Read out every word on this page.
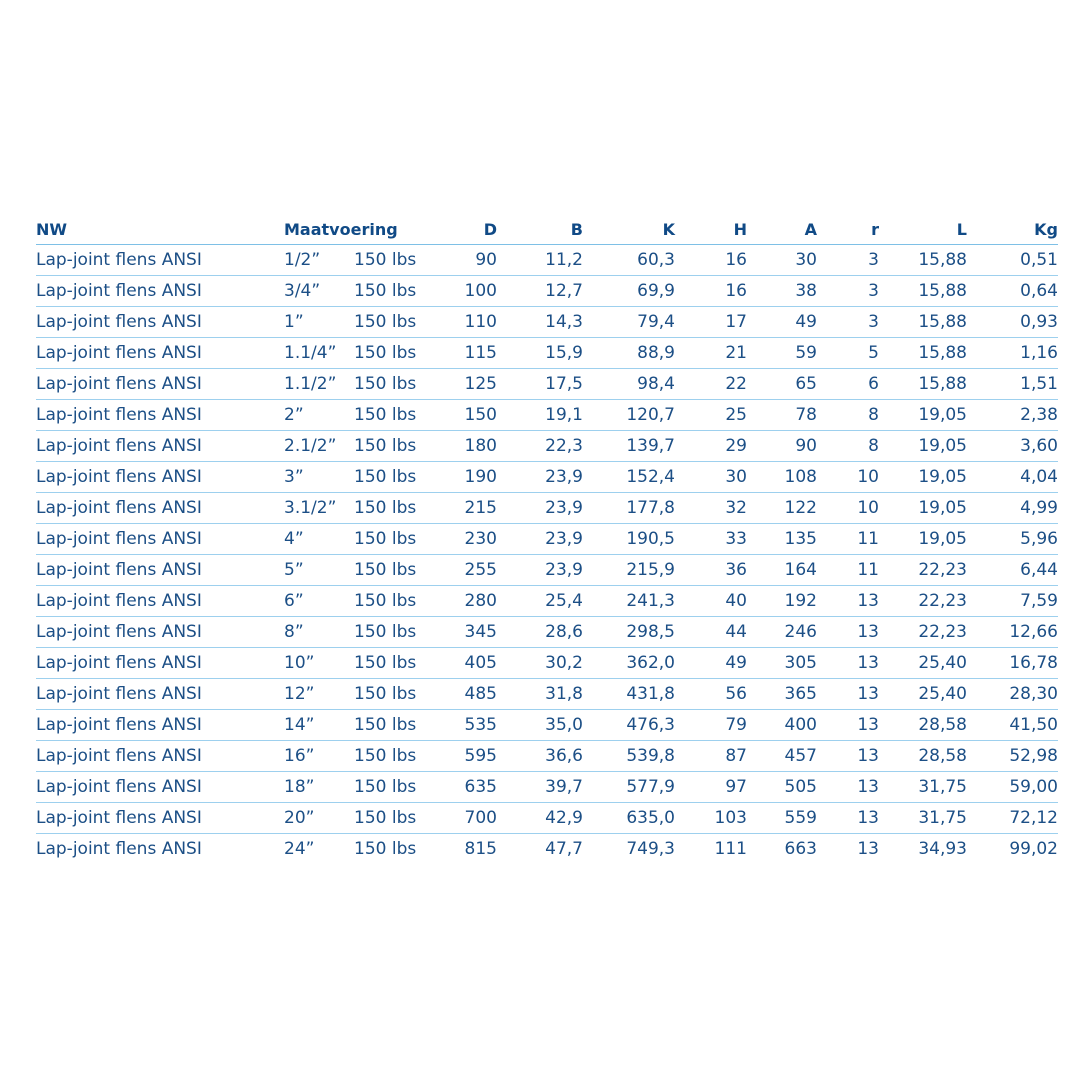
NW	Maatvoering		D	B	K	H	A	r	L	Kg
Lap-joint flens ANSI	1/2”	150 lbs	90	11,2	60,3	16	30	3	15,88	0,51
Lap-joint flens ANSI	3/4”	150 lbs	100	12,7	69,9	16	38	3	15,88	0,64
Lap-joint flens ANSI	1”	150 lbs	110	14,3	79,4	17	49	3	15,88	0,93
Lap-joint flens ANSI	1.1/4”	150 lbs	115	15,9	88,9	21	59	5	15,88	1,16
Lap-joint flens ANSI	1.1/2”	150 lbs	125	17,5	98,4	22	65	6	15,88	1,51
Lap-joint flens ANSI	2”	150 lbs	150	19,1	120,7	25	78	8	19,05	2,38
Lap-joint flens ANSI	2.1/2”	150 lbs	180	22,3	139,7	29	90	8	19,05	3,60
Lap-joint flens ANSI	3”	150 lbs	190	23,9	152,4	30	108	10	19,05	4,04
Lap-joint flens ANSI	3.1/2”	150 lbs	215	23,9	177,8	32	122	10	19,05	4,99
Lap-joint flens ANSI	4”	150 lbs	230	23,9	190,5	33	135	11	19,05	5,96
Lap-joint flens ANSI	5”	150 lbs	255	23,9	215,9	36	164	11	22,23	6,44
Lap-joint flens ANSI	6”	150 lbs	280	25,4	241,3	40	192	13	22,23	7,59
Lap-joint flens ANSI	8”	150 lbs	345	28,6	298,5	44	246	13	22,23	12,66
Lap-joint flens ANSI	10”	150 lbs	405	30,2	362,0	49	305	13	25,40	16,78
Lap-joint flens ANSI	12”	150 lbs	485	31,8	431,8	56	365	13	25,40	28,30
Lap-joint flens ANSI	14”	150 lbs	535	35,0	476,3	79	400	13	28,58	41,50
Lap-joint flens ANSI	16”	150 lbs	595	36,6	539,8	87	457	13	28,58	52,98
Lap-joint flens ANSI	18”	150 lbs	635	39,7	577,9	97	505	13	31,75	59,00
Lap-joint flens ANSI	20”	150 lbs	700	42,9	635,0	103	559	13	31,75	72,12
Lap-joint flens ANSI	24”	150 lbs	815	47,7	749,3	111	663	13	34,93	99,02
